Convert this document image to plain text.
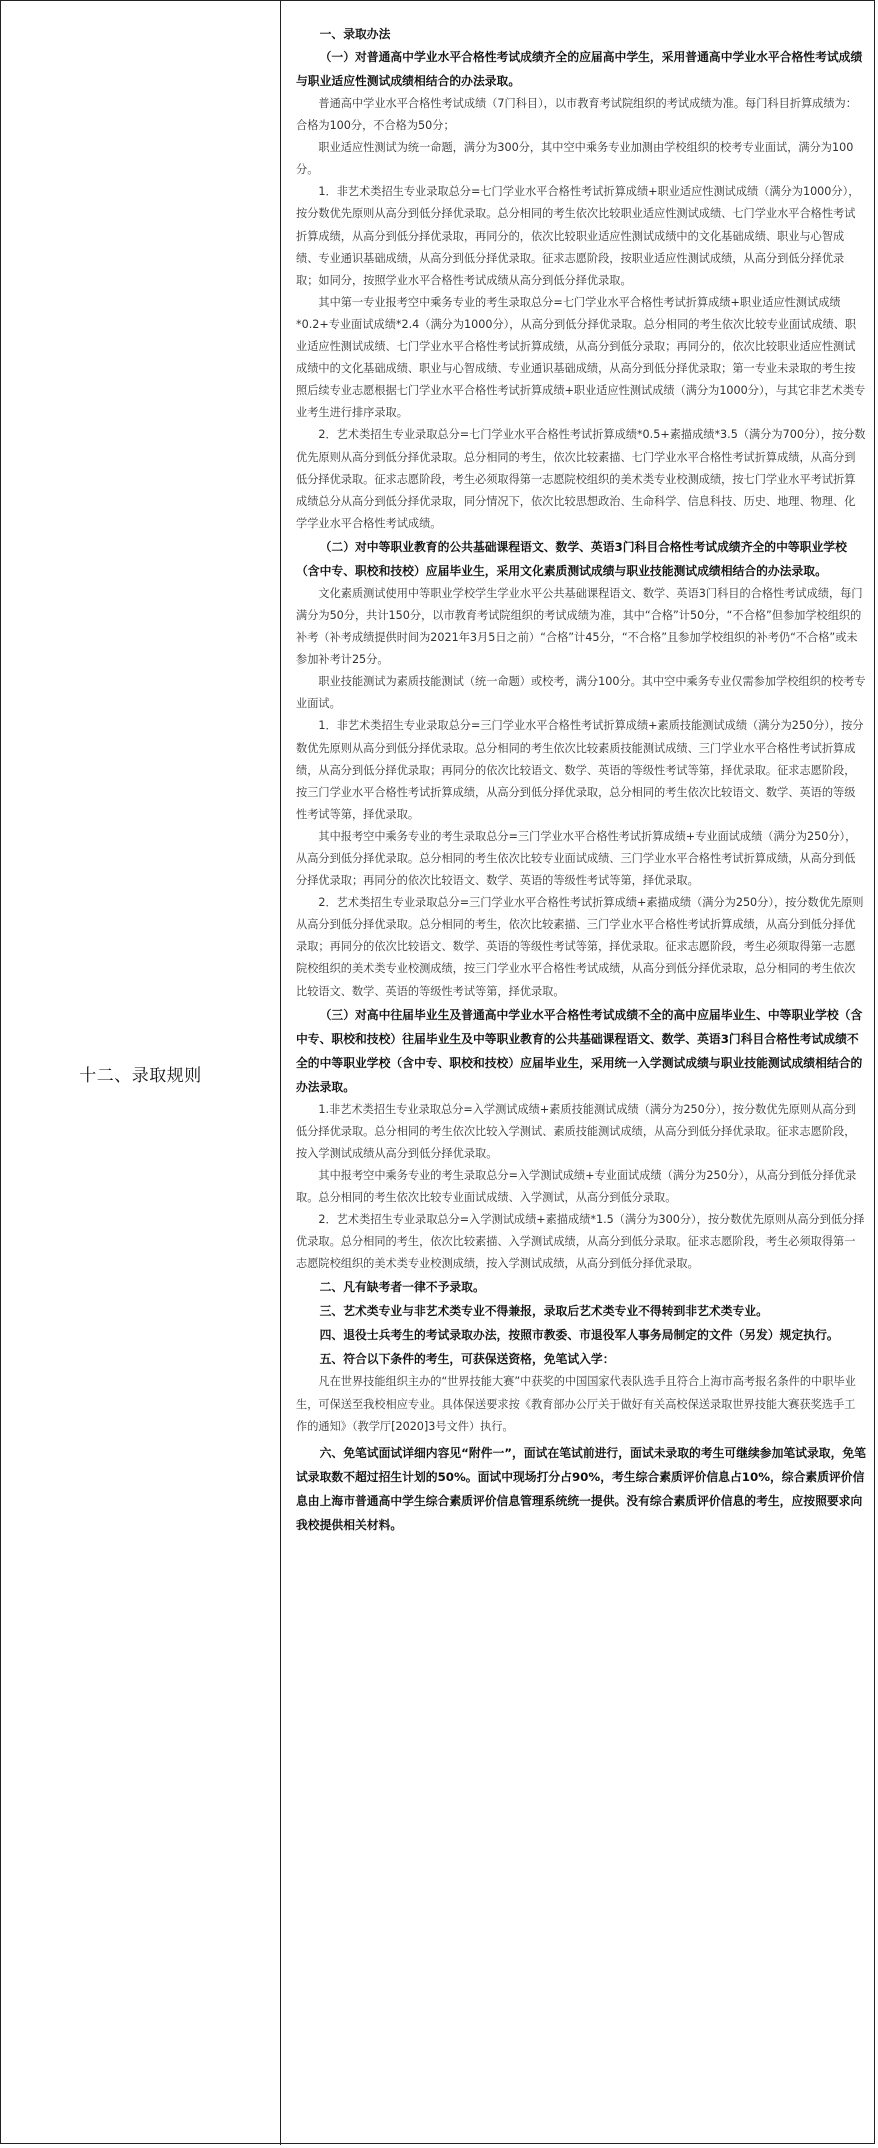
十二、录取规则

一、录取办法

（一）对普通高中学业水平合格性考试成绩齐全的应届高中学生，采用普通高中学业水平合格性考试成绩与职业适应性测试成绩相结合的办法录取。

普通高中学业水平合格性考试成绩（7门科目），以市教育考试院组织的考试成绩为准。每门科目折算成绩为：合格为100分，不合格为50分；

职业适应性测试为统一命题，满分为300分，其中空中乘务专业加测由学校组织的校考专业面试，满分为100分。

1．非艺术类招生专业录取总分=七门学业水平合格性考试折算成绩+职业适应性测试成绩（满分为1000分），按分数优先原则从高分到低分择优录取。总分相同的考生依次比较职业适应性测试成绩、七门学业水平合格性考试折算成绩，从高分到低分择优录取，再同分的，依次比较职业适应性测试成绩中的文化基础成绩、职业与心智成绩、专业通识基础成绩，从高分到低分择优录取。征求志愿阶段，按职业适应性测试成绩，从高分到低分择优录取；如同分，按照学业水平合格性考试成绩从高分到低分择优录取。

其中第一专业报考空中乘务专业的考生录取总分=七门学业水平合格性考试折算成绩+职业适应性测试成绩*0.2+专业面试成绩*2.4（满分为1000分），从高分到低分择优录取。总分相同的考生依次比较专业面试成绩、职业适应性测试成绩、七门学业水平合格性考试折算成绩，从高分到低分录取；再同分的，依次比较职业适应性测试成绩中的文化基础成绩、职业与心智成绩、专业通识基础成绩，从高分到低分择优录取；第一专业未录取的考生按照后续专业志愿根据七门学业水平合格性考试折算成绩+职业适应性测试成绩（满分为1000分），与其它非艺术类专业考生进行排序录取。

2．艺术类招生专业录取总分=七门学业水平合格性考试折算成绩*0.5+素描成绩*3.5（满分为700分），按分数优先原则从高分到低分择优录取。总分相同的考生，依次比较素描、七门学业水平合格性考试折算成绩，从高分到低分择优录取。征求志愿阶段，考生必须取得第一志愿院校组织的美术类专业校测成绩，按七门学业水平考试折算成绩总分从高分到低分择优录取，同分情况下，依次比较思想政治、生命科学、信息科技、历史、地理、物理、化学学业水平合格性考试成绩。

（二）对中等职业教育的公共基础课程语文、数学、英语3门科目合格性考试成绩齐全的中等职业学校（含中专、职校和技校）应届毕业生，采用文化素质测试成绩与职业技能测试成绩相结合的办法录取。

文化素质测试使用中等职业学校学生学业水平公共基础课程语文、数学、英语3门科目的合格性考试成绩，每门满分为50分，共计150分，以市教育考试院组织的考试成绩为准，其中“合格”计50分，“不合格”但参加学校组织的补考（补考成绩提供时间为2021年3月5日之前）“合格”计45分，“不合格”且参加学校组织的补考仍“不合格”或未参加补考计25分。

职业技能测试为素质技能测试（统一命题）或校考，满分100分。其中空中乘务专业仅需参加学校组织的校考专业面试。

1．非艺术类招生专业录取总分=三门学业水平合格性考试折算成绩+素质技能测试成绩（满分为250分），按分数优先原则从高分到低分择优录取。总分相同的考生依次比较素质技能测试成绩、三门学业水平合格性考试折算成绩，从高分到低分择优录取；再同分的依次比较语文、数学、英语的等级性考试等第，择优录取。征求志愿阶段，按三门学业水平合格性考试折算成绩，从高分到低分择优录取，总分相同的考生依次比较语文、数学、英语的等级性考试等第，择优录取。

其中报考空中乘务专业的考生录取总分=三门学业水平合格性考试折算成绩+专业面试成绩（满分为250分），从高分到低分择优录取。总分相同的考生依次比较专业面试成绩、三门学业水平合格性考试折算成绩，从高分到低分择优录取；再同分的依次比较语文、数学、英语的等级性考试等第，择优录取。

2．艺术类招生专业录取总分=三门学业水平合格性考试折算成绩+素描成绩（满分为250分），按分数优先原则从高分到低分择优录取。总分相同的考生，依次比较素描、三门学业水平合格性考试折算成绩，从高分到低分择优录取；再同分的依次比较语文、数学、英语的等级性考试等第，择优录取。征求志愿阶段，考生必须取得第一志愿院校组织的美术类专业校测成绩，按三门学业水平合格性考试成绩，从高分到低分择优录取，总分相同的考生依次比较语文、数学、英语的等级性考试等第，择优录取。

（三）对高中往届毕业生及普通高中学业水平合格性考试成绩不全的高中应届毕业生、中等职业学校（含中专、职校和技校）往届毕业生及中等职业教育的公共基础课程语文、数学、英语3门科目合格性考试成绩不全的中等职业学校（含中专、职校和技校）应届毕业生，采用统一入学测试成绩与职业技能测试成绩相结合的办法录取。

1.非艺术类招生专业录取总分=入学测试成绩+素质技能测试成绩（满分为250分），按分数优先原则从高分到低分择优录取。总分相同的考生依次比较入学测试、素质技能测试成绩，从高分到低分择优录取。征求志愿阶段，按入学测试成绩从高分到低分择优录取。

其中报考空中乘务专业的考生录取总分=入学测试成绩+专业面试成绩（满分为250分），从高分到低分择优录取。总分相同的考生依次比较专业面试成绩、入学测试，从高分到低分录取。

2．艺术类招生专业录取总分=入学测试成绩+素描成绩*1.5（满分为300分），按分数优先原则从高分到低分择优录取。总分相同的考生，依次比较素描、入学测试成绩，从高分到低分录取。征求志愿阶段，考生必须取得第一志愿院校组织的美术类专业校测成绩，按入学测试成绩，从高分到低分择优录取。

二、凡有缺考者一律不予录取。

三、艺术类专业与非艺术类专业不得兼报，录取后艺术类专业不得转到非艺术类专业。

四、退役士兵考生的考试录取办法，按照市教委、市退役军人事务局制定的文件（另发）规定执行。

五、符合以下条件的考生，可获保送资格，免笔试入学：

凡在世界技能组织主办的“世界技能大赛”中获奖的中国国家代表队选手且符合上海市高考报名条件的中职毕业生，可保送至我校相应专业。具体保送要求按《教育部办公厅关于做好有关高校保送录取世界技能大赛获奖选手工作的通知》（教学厅[2020]3号文件）执行。

六、免笔试面试详细内容见“附件一”，面试在笔试前进行，面试未录取的考生可继续参加笔试录取，免笔试录取数不超过招生计划的50%。面试中现场打分占90%，考生综合素质评价信息占10%，综合素质评价信息由上海市普通高中学生综合素质评价信息管理系统统一提供。没有综合素质评价信息的考生，应按照要求向我校提供相关材料。
